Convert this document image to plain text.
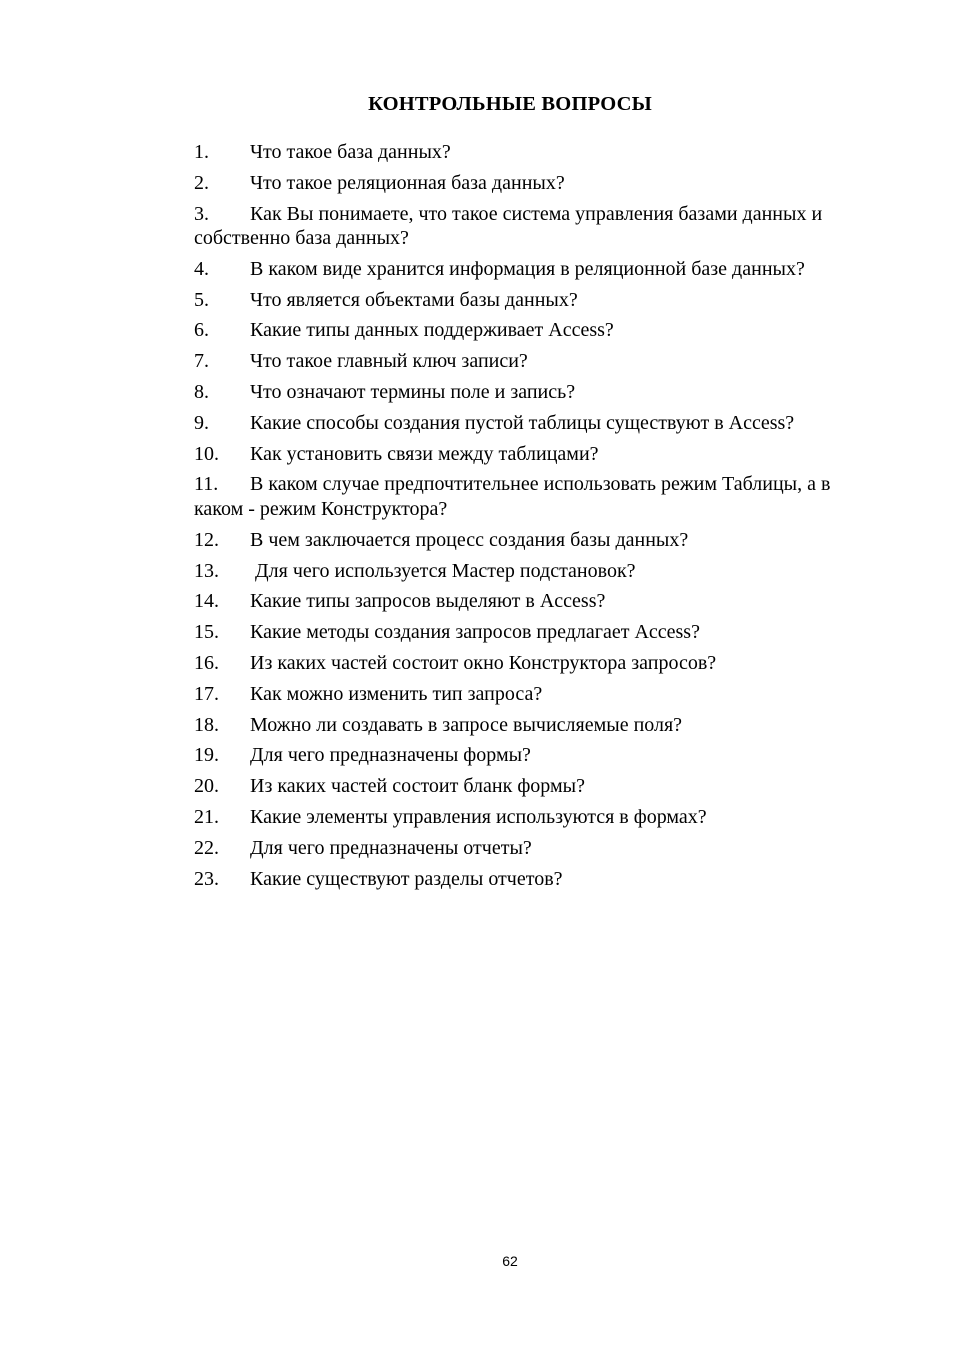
КОНТРОЛЬНЫЕ ВОПРОСЫ
1. Что такое база данных?
2. Что такое реляционная база данных?
3. Как Вы понимаете, что такое система управления базами данных и собственно база данных?
4. В каком виде хранится информация в реляционной базе данных?
5. Что является объектами базы данных?
6. Какие типы данных поддерживает Access?
7. Что такое главный ключ записи?
8. Что означают термины поле и запись?
9. Какие способы создания пустой таблицы существуют в Access?
10. Как установить связи между таблицами?
11. В каком случае предпочтительнее использовать режим Таблицы, а в каком - режим Конструктора?
12. В чем заключается процесс создания базы данных?
13. Для чего используется Мастер подстановок?
14. Какие типы запросов выделяют в Access?
15. Какие методы создания запросов предлагает Access?
16. Из каких частей состоит окно Конструктора запросов?
17. Как можно изменить тип запроса?
18. Можно ли создавать в запросе вычисляемые поля?
19. Для чего предназначены формы?
20. Из каких частей состоит бланк формы?
21. Какие элементы управления используются в формах?
22. Для чего предназначены отчеты?
23. Какие существуют разделы отчетов?
62
